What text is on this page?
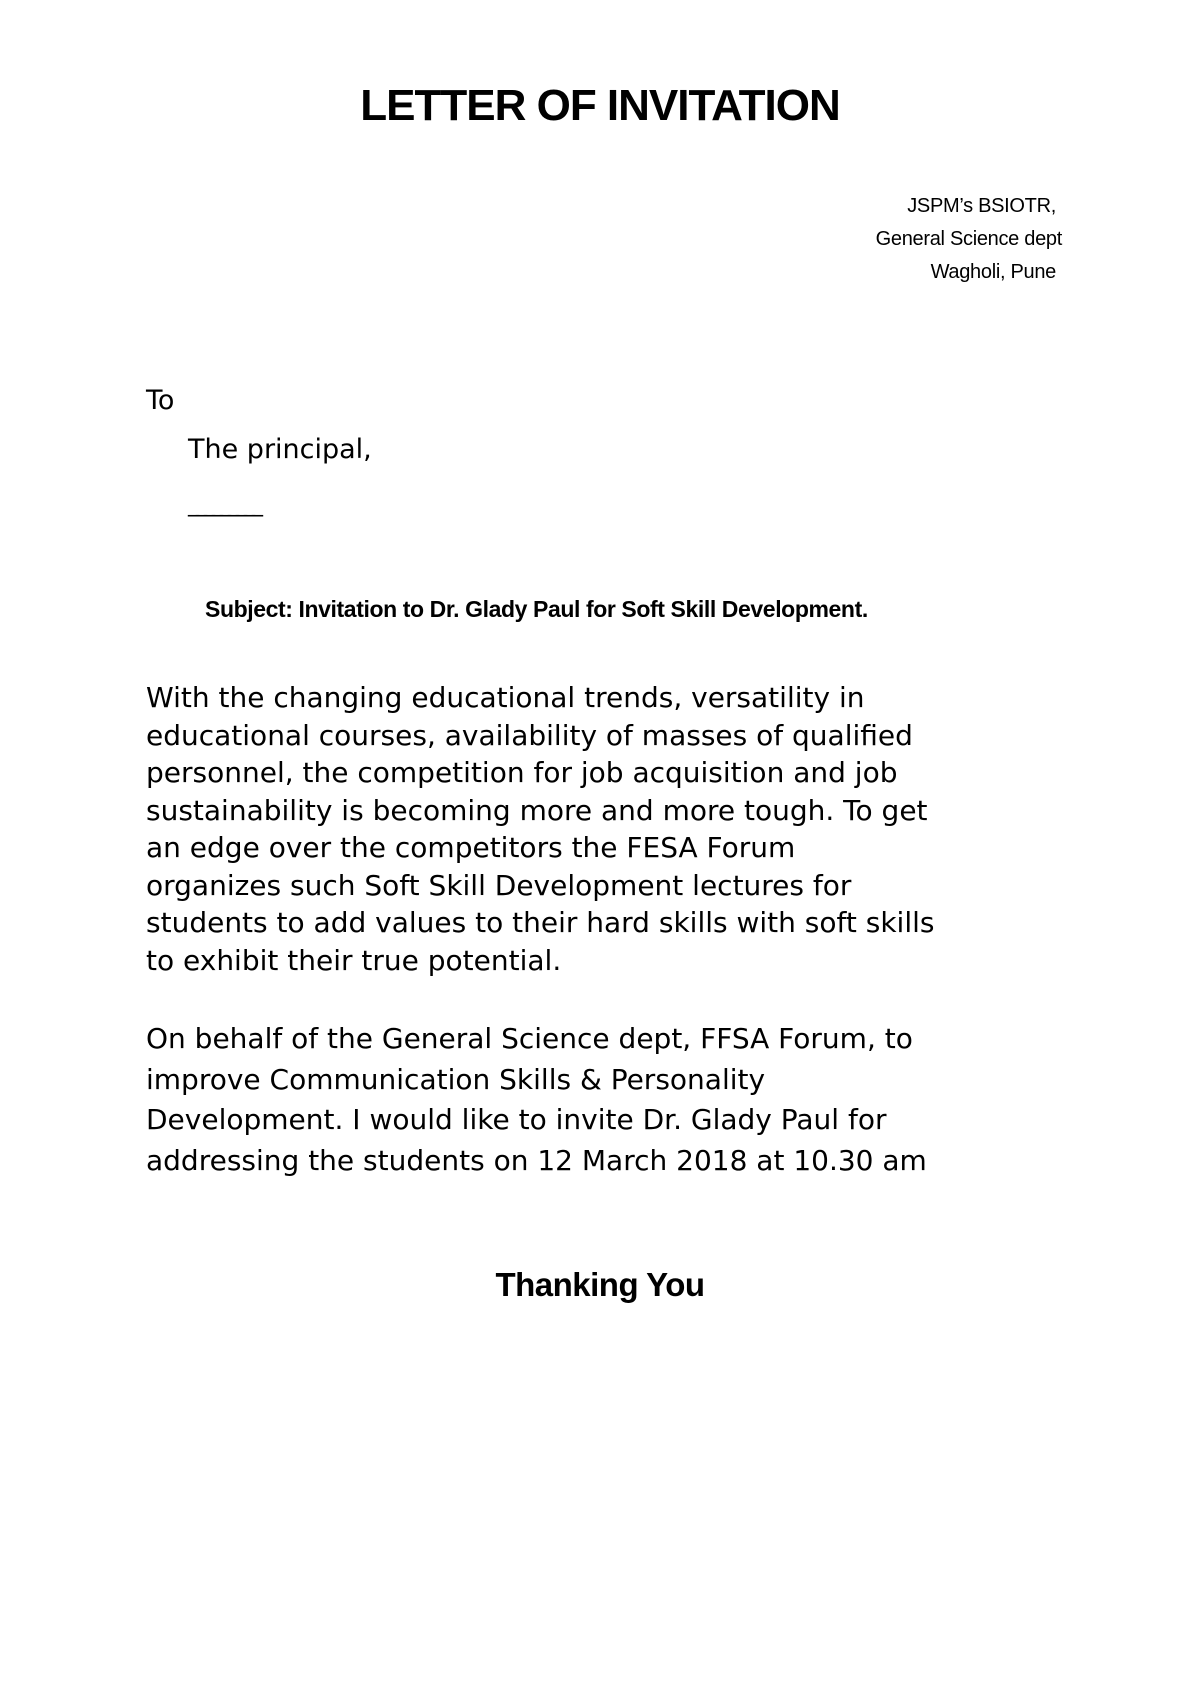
LETTER OF INVITATION
JSPM’s BSIOTR,
General Science dept
Wagholi, Pune
To
The principal,
_________
Subject: Invitation to Dr. Glady Paul for Soft Skill Development.
With the changing educational trends, versatility in
educational courses, availability of masses of qualified
personnel, the competition for job acquisition and job
sustainability is becoming more and more tough. To get
an edge over the competitors the FESA Forum
organizes such Soft Skill Development lectures for
students to add values to their hard skills with soft skills
to exhibit their true potential.
On behalf of the General Science dept, FFSA Forum, to
improve Communication Skills & Personality
Development. I would like to invite Dr. Glady Paul for
addressing the students on 12 March 2018 at 10.30 am
Thanking You
